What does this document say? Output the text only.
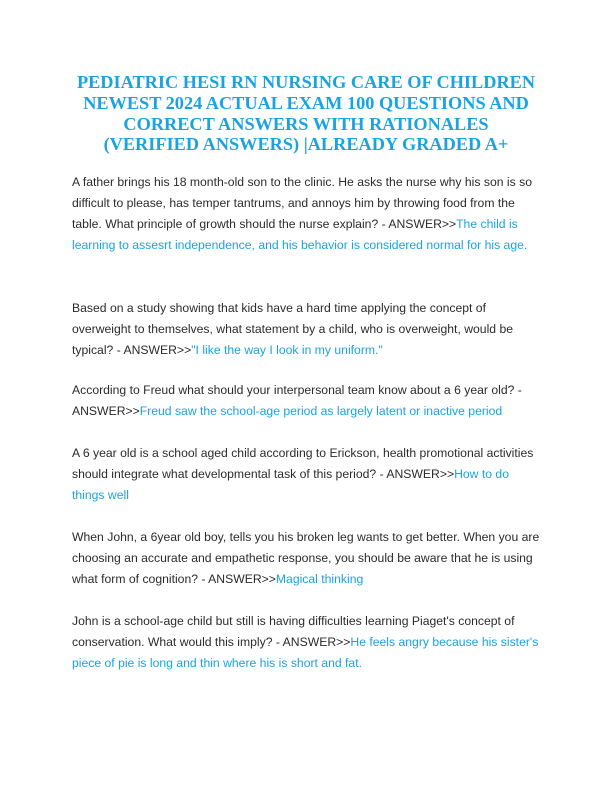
PEDIATRIC HESI RN NURSING CARE OF CHILDREN
NEWEST 2024 ACTUAL EXAM 100 QUESTIONS AND
CORRECT ANSWERS WITH RATIONALES
(VERIFIED ANSWERS) |ALREADY GRADED A+

A father brings his 18 month-old son to the clinic. He asks the nurse why his son is so difficult to please, has temper tantrums, and annoys him by throwing food from the table. What principle of growth should the nurse explain? - ANSWER>>The child is learning to assesrt independence, and his behavior is considered normal for his age.

Based on a study showing that kids have a hard time applying the concept of overweight to themselves, what statement by a child, who is overweight, would be typical? - ANSWER>>"I like the way I look in my uniform."

According to Freud what should your interpersonal team know about a 6 year old? - ANSWER>>Freud saw the school-age period as largely latent or inactive period

A 6 year old is a school aged child according to Erickson, health promotional activities should integrate what developmental task of this period? - ANSWER>>How to do things well

When John, a 6year old boy, tells you his broken leg wants to get better. When you are choosing an accurate and empathetic response, you should be aware that he is using what form of cognition? - ANSWER>>Magical thinking

John is a school-age child but still is having difficulties learning Piaget's concept of conservation. What would this imply? - ANSWER>>He feels angry because his sister's piece of pie is long and thin where his is short and fat.
